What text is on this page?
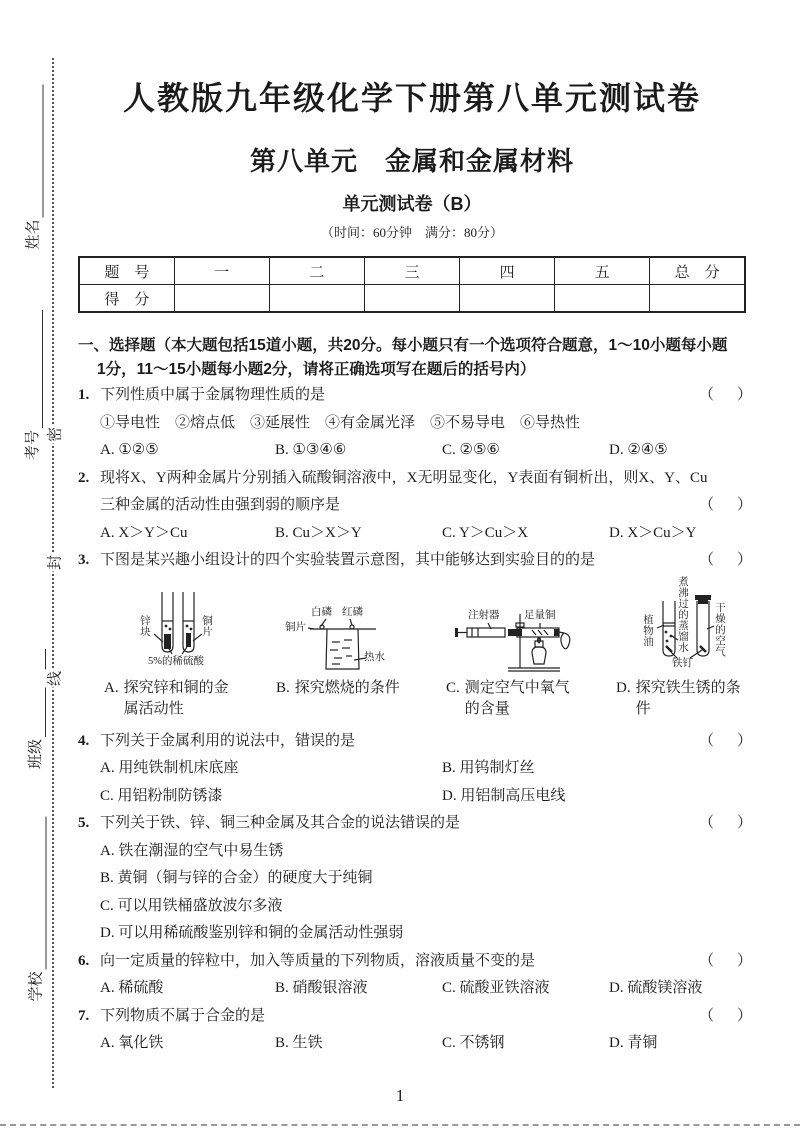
姓名
考号
班级
学校
密
封
线
人教版九年级化学下册第八单元测试卷
第八单元　金属和金属材料
单元测试卷（B）
（时间：60分钟　满分：80分）
题　号	一	二	三	四	五	总　分
得　分						
一、选择题（本大题包括15道小题，共20分。每小题只有一个选项符合题意，1～10小题每小题
1分，11～15小题每小题2分，请将正确选项写在题后的括号内）
1. 下列性质中属于金属物理性质的是	（　）
①导电性　②熔点低　③延展性　④有金属光泽　⑤不易导电　⑥导热性
A. ①②⑤	B. ①③④⑥	C. ②⑤⑥	D. ②④⑤
2. 现将X、Y两种金属片分别插入硫酸铜溶液中，X无明显变化，Y表面有铜析出，则X、Y、Cu
三种金属的活动性由强到弱的顺序是	（　）
A. X＞Y＞Cu	B. Cu＞X＞Y	C. Y＞Cu＞X	D. X＞Cu＞Y
3. 下图是某兴趣小组设计的四个实验装置示意图，其中能够达到实验目的的是	（　）
锌块	铜片
5%的稀硫酸
A. 探究锌和铜的金属活动性
白磷 红磷
铜片
热水
B. 探究燃烧的条件
注射器 足量铜
C. 测定空气中氧气的含量
植物油 煮沸过的蒸馏水 干燥的空气
铁钉
D. 探究铁生锈的条件
4. 下列关于金属利用的说法中，错误的是	（　）
A. 用纯铁制机床底座	B. 用钨制灯丝
C. 用铝粉制防锈漆	D. 用铝制高压电线
5. 下列关于铁、锌、铜三种金属及其合金的说法错误的是	（　）
A. 铁在潮湿的空气中易生锈
B. 黄铜（铜与锌的合金）的硬度大于纯铜
C. 可以用铁桶盛放波尔多液
D. 可以用稀硫酸鉴别锌和铜的金属活动性强弱
6. 向一定质量的锌粒中，加入等质量的下列物质，溶液质量不变的是	（　）
A. 稀硫酸	B. 硝酸银溶液	C. 硫酸亚铁溶液	D. 硫酸镁溶液
7. 下列物质不属于合金的是	（　）
A. 氧化铁	B. 生铁	C. 不锈钢	D. 青铜
1
